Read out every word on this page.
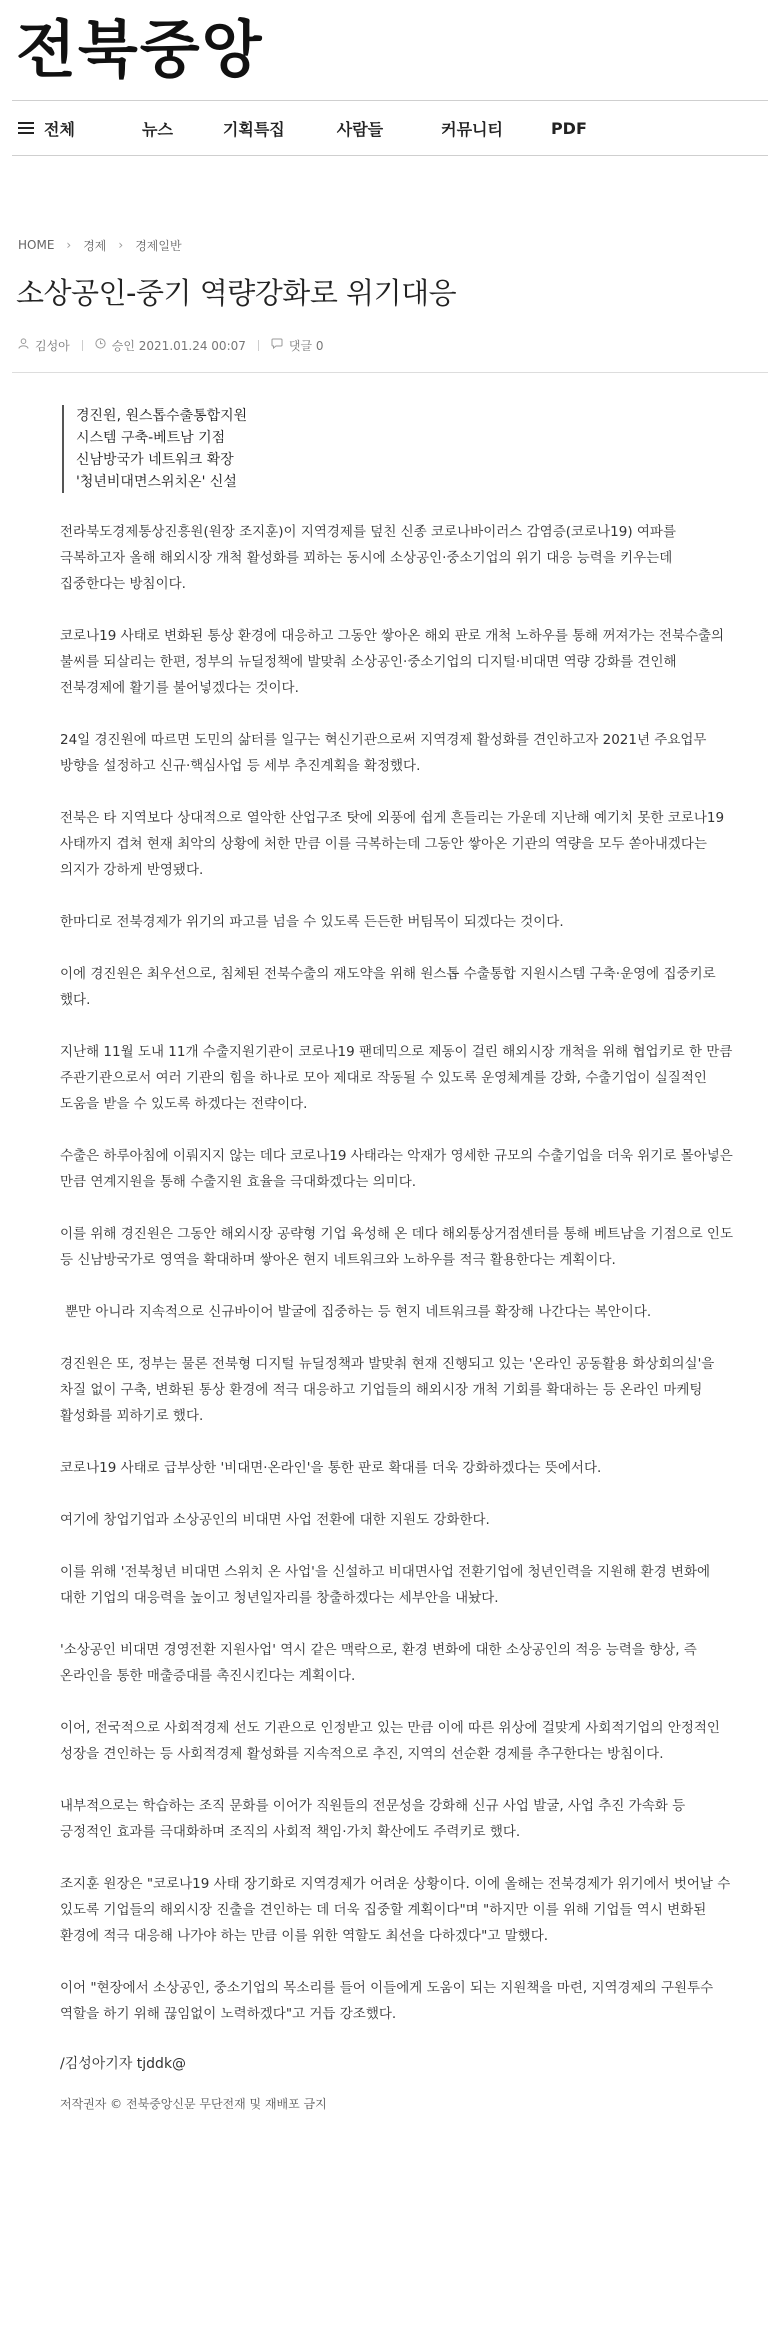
전북중앙
전체	뉴스	기획특집	사람들	커뮤니티	PDF
HOME › 경제 › 경제일반
소상공인-중기 역량강화로 위기대응
김성아	승인 2021.01.24 00:07	댓글 0

경진원, 원스톱수출통합지원

시스템 구축-베트남 기점

신남방국가 네트워크 확장

'청년비대면스위치온' 신설

전라북도경제통상진흥원(원장 조지훈)이 지역경제를 덮친 신종 코로나바이러스 감염증(코로나19) 여파를 극복하고자 올해 해외시장 개척 활성화를 꾀하는 동시에 소상공인·중소기업의 위기 대응 능력을 키우는데 집중한다는 방침이다.

코로나19 사태로 변화된 통상 환경에 대응하고 그동안 쌓아온 해외 판로 개척 노하우를 통해 꺼져가는 전북수출의 불씨를 되살리는 한편, 정부의 뉴딜정책에 발맞춰 소상공인·중소기업의 디지털·비대면 역량 강화를 견인해 전북경제에 활기를 불어넣겠다는 것이다.

24일 경진원에 따르면 도민의 삶터를 일구는 혁신기관으로써 지역경제 활성화를 견인하고자 2021년 주요업무 방향을 설정하고 신규·핵심사업 등 세부 추진계획을 확정했다.

전북은 타 지역보다 상대적으로 열악한 산업구조 탓에 외풍에 쉽게 흔들리는 가운데 지난해 예기치 못한 코로나19 사태까지 겹쳐 현재 최악의 상황에 처한 만큼 이를 극복하는데 그동안 쌓아온 기관의 역량을 모두 쏟아내겠다는 의지가 강하게 반영됐다.

한마디로 전북경제가 위기의 파고를 넘을 수 있도록 든든한 버팀목이 되겠다는 것이다.

이에 경진원은 최우선으로, 침체된 전북수출의 재도약을 위해 원스톱 수출통합 지원시스템 구축·운영에 집중키로 했다.

지난해 11월 도내 11개 수출지원기관이 코로나19 팬데믹으로 제동이 걸린 해외시장 개척을 위해 협업키로 한 만큼 주관기관으로서 여러 기관의 힘을 하나로 모아 제대로 작동될 수 있도록 운영체계를 강화, 수출기업이 실질적인 도움을 받을 수 있도록 하겠다는 전략이다.

수출은 하루아침에 이뤄지지 않는 데다 코로나19 사태라는 악재가 영세한 규모의 수출기업을 더욱 위기로 몰아넣은 만큼 연계지원을 통해 수출지원 효율을 극대화겠다는 의미다.

이를 위해 경진원은 그동안 해외시장 공략형 기업 육성해 온 데다 해외통상거점센터를 통해 베트남을 기점으로 인도 등 신남방국가로 영역을 확대하며 쌓아온 현지 네트워크와 노하우를 적극 활용한다는 계획이다.

뿐만 아니라 지속적으로 신규바이어 발굴에 집중하는 등 현지 네트워크를 확장해 나간다는 복안이다.

경진원은 또, 정부는 물론 전북형 디지털 뉴딜정책과 발맞춰 현재 진행되고 있는 '온라인 공동활용 화상회의실'을 차질 없이 구축, 변화된 통상 환경에 적극 대응하고 기업들의 해외시장 개척 기회를 확대하는 등 온라인 마케팅 활성화를 꾀하기로 했다.

코로나19 사태로 급부상한 '비대면·온라인'을 통한 판로 확대를 더욱 강화하겠다는 뜻에서다.

여기에 창업기업과 소상공인의 비대면 사업 전환에 대한 지원도 강화한다.

이를 위해 '전북청년 비대면 스위치 온 사업'을 신설하고 비대면사업 전환기업에 청년인력을 지원해 환경 변화에 대한 기업의 대응력을 높이고 청년일자리를 창출하겠다는 세부안을 내놨다.

'소상공인 비대면 경영전환 지원사업' 역시 같은 맥락으로, 환경 변화에 대한 소상공인의 적응 능력을 향상, 즉 온라인을 통한 매출증대를 촉진시킨다는 계획이다.

이어, 전국적으로 사회적경제 선도 기관으로 인정받고 있는 만큼 이에 따른 위상에 걸맞게 사회적기업의 안정적인 성장을 견인하는 등 사회적경제 활성화를 지속적으로 추진, 지역의 선순환 경제를 추구한다는 방침이다.

내부적으로는 학습하는 조직 문화를 이어가 직원들의 전문성을 강화해 신규 사업 발굴, 사업 추진 가속화 등 긍정적인 효과를 극대화하며 조직의 사회적 책임·가치 확산에도 주력키로 했다.

조지훈 원장은 "코로나19 사태 장기화로 지역경제가 어려운 상황이다. 이에 올해는 전북경제가 위기에서 벗어날 수 있도록 기업들의 해외시장 진출을 견인하는 데 더욱 집중할 계획이다"며 "하지만 이를 위해 기업들 역시 변화된 환경에 적극 대응해 나가야 하는 만큼 이를 위한 역할도 최선을 다하겠다"고 말했다.

이어 "현장에서 소상공인, 중소기업의 목소리를 들어 이들에게 도움이 되는 지원책을 마련, 지역경제의 구원투수 역할을 하기 위해 끊임없이 노력하겠다"고 거듭 강조했다.

/김성아기자 tjddk@

저작권자 © 전북중앙신문 무단전재 및 재배포 금지
